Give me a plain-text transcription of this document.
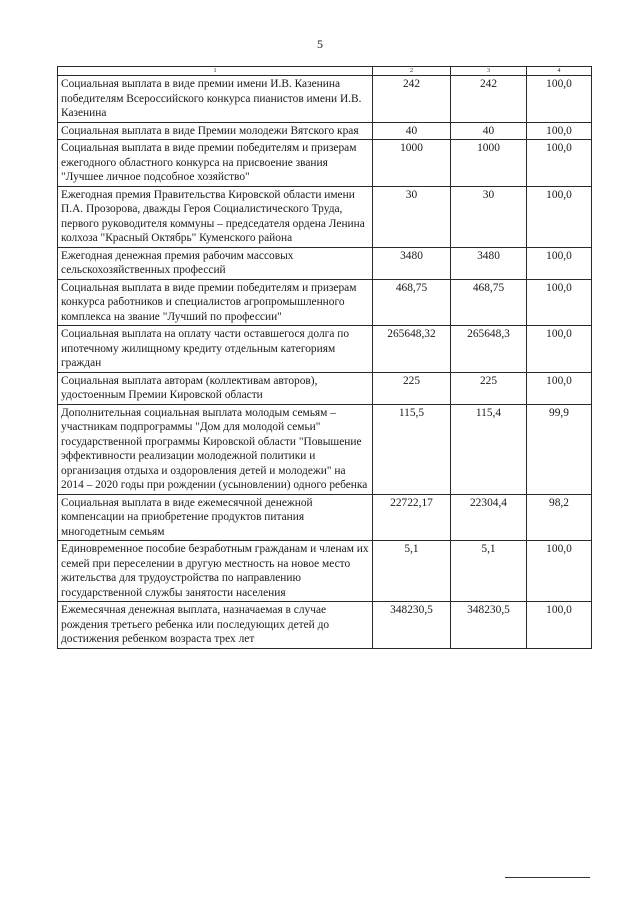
5
1	2	3	4
Социальная выплата в виде премии имени И.В. Казенина победителям Всероссийского конкурса пианистов имени И.В. Казенина	242	242	100,0
Социальная выплата в виде Премии молодежи Вятского края	40	40	100,0
Социальная выплата в виде премии победителям и призерам ежегодного областного конкурса на присвоение звания "Лучшее личное подсобное хозяйство"	1000	1000	100,0
Ежегодная премия Правительства Кировской области имени П.А. Прозорова, дважды Героя Социалистического Труда, первого руководителя коммуны – председателя ордена Ленина колхоза "Красный Октябрь" Куменского района	30	30	100,0
Ежегодная денежная премия рабочим массовых сельскохозяйственных профессий	3480	3480	100,0
Социальная выплата в виде премии победителям и призерам конкурса работников и специалистов агропромышленного комплекса на звание "Лучший по профессии"	468,75	468,75	100,0
Социальная выплата на оплату части оставшегося долга по ипотечному жилищному кредиту отдельным категориям граждан	265648,32	265648,3	100,0
Социальная выплата авторам (коллективам авторов), удостоенным Премии Кировской области	225	225	100,0
Дополнительная социальная выплата молодым семьям – участникам подпрограммы "Дом для молодой семьи" государственной программы Кировской области "Повышение эффективности реализации молодежной политики и организация отдыха и оздоровления детей и молодежи" на 2014 – 2020 годы при рождении (усыновлении) одного ребенка	115,5	115,4	99,9
Социальная выплата в виде ежемесячной денежной компенсации на приобретение продуктов питания многодетным семьям	22722,17	22304,4	98,2
Единовременное пособие безработным гражданам и членам их семей при переселении в другую местность на новое место жительства для трудоустройства по направлению государственной службы занятости населения	5,1	5,1	100,0
Ежемесячная денежная выплата, назначаемая в случае рождения третьего ребенка или последующих детей до достижения ребенком возраста трех лет	348230,5	348230,5	100,0
